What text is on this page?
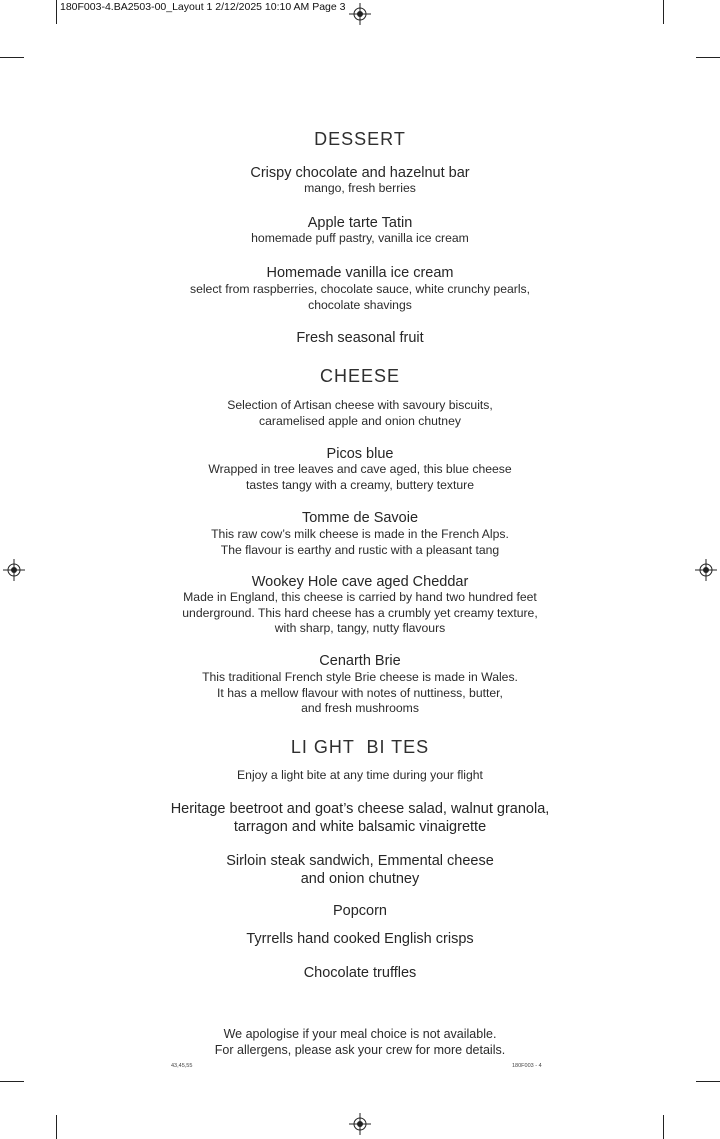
180F003-4.BA2503-00_Layout 1 2/12/2025 10:10 AM Page 3
DESSERT
Crispy chocolate and hazelnut bar
mango, fresh berries
Apple tarte Tatin
homemade puff pastry, vanilla ice cream
Homemade vanilla ice cream
select from raspberries, chocolate sauce, white crunchy pearls,
chocolate shavings
Fresh seasonal fruit
CHEESE
Selection of Artisan cheese with savoury biscuits,
caramelised apple and onion chutney
Picos blue
Wrapped in tree leaves and cave aged, this blue cheese
tastes tangy with a creamy, buttery texture
Tomme de Savoie
This raw cow’s milk cheese is made in the French Alps.
The flavour is earthy and rustic with a pleasant tang
Wookey Hole cave aged Cheddar
Made in England, this cheese is carried by hand two hundred feet
underground. This hard cheese has a crumbly yet creamy texture,
with sharp, tangy, nutty flavours
Cenarth Brie
This traditional French style Brie cheese is made in Wales.
It has a mellow flavour with notes of nuttiness, butter,
and fresh mushrooms
LI GHT  BI TES
Enjoy a light bite at any time during your flight
Heritage beetroot and goat’s cheese salad, walnut granola,
tarragon and white balsamic vinaigrette
Sirloin steak sandwich, Emmental cheese
and onion chutney
Popcorn
Tyrrells hand cooked English crisps
Chocolate truffles
We apologise if your meal choice is not available.
For allergens, please ask your crew for more details.
43,45,55	180F003 - 4
